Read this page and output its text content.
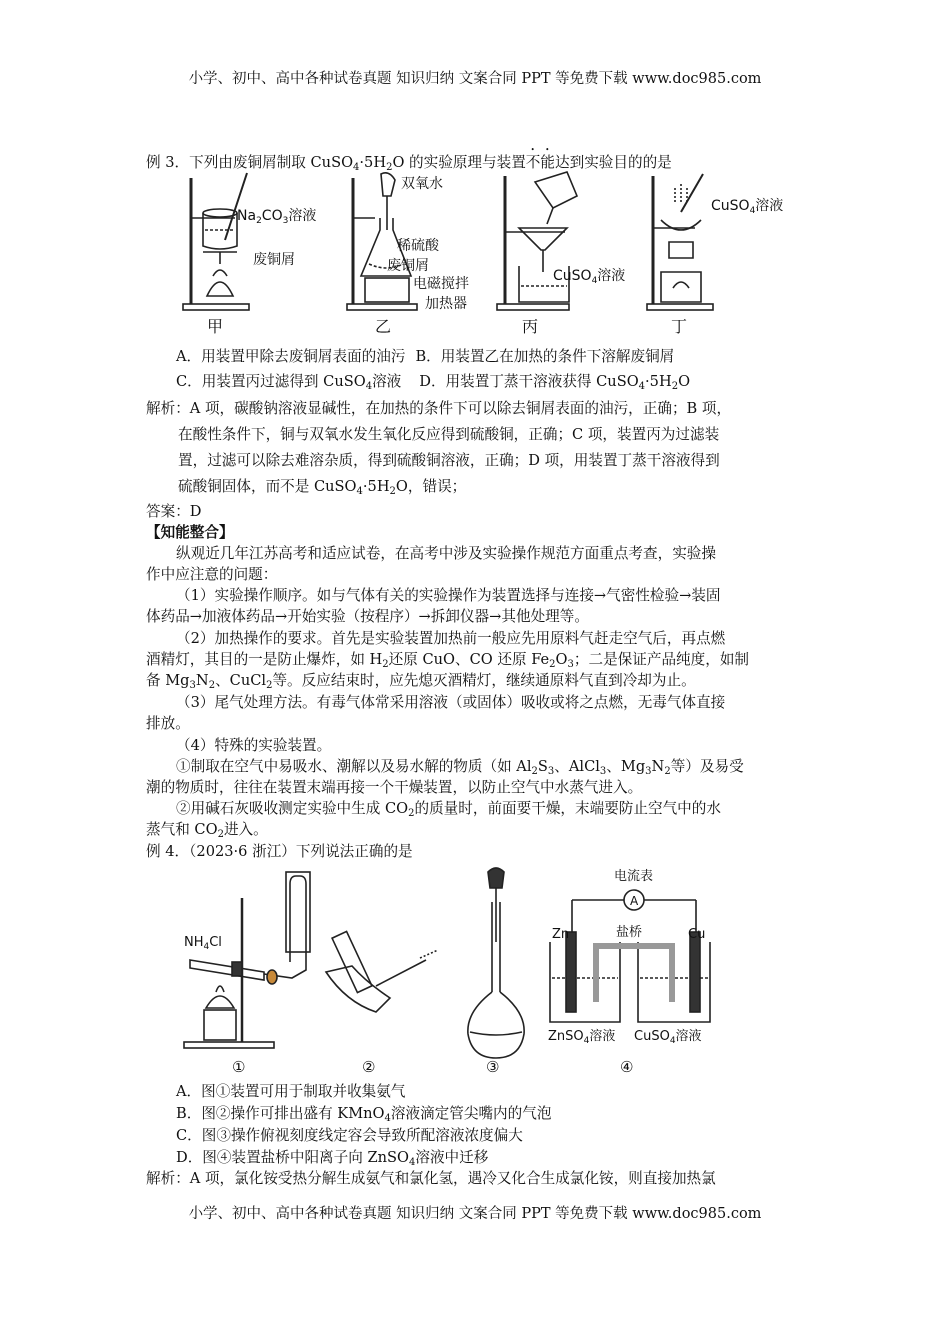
小学、初中、高中各种试卷真题 知识归纳 文案合同 PPT 等免费下载 www.doc985.com
例 3．下列由废铜屑制取 $CuSO_4\cdot 5H_2O$ 的实验原理与装置不能达到实验目的的是
$Na_2CO_3$溶液
废铜屑
双氧水
稀硫酸
废铜屑
电磁搅拌
加热器
CuSO$_4$溶液
CuSO$_4$溶液
甲	乙	丙	丁
A．用装置甲除去废铜屑表面的油污 B．用装置乙在加热的条件下溶解废铜屑
C．用装置丙过滤得到 CuSO$_4$溶液 D．用装置丁蒸干溶液获得 $CuSO_4\cdot 5H_2O$
解析：A 项，碳酸钠溶液显碱性，在加热的条件下可以除去铜屑表面的油污，正确；B 项，
在酸性条件下，铜与双氧水发生氧化反应得到硫酸铜，正确；C 项，装置丙为过滤装
置，过滤可以除去难溶杂质，得到硫酸铜溶液，正确；D 项，用装置丁蒸干溶液得到
硫酸铜固体，而不是 $CuSO_4\cdot 5H_2O$，错误；
答案：D
【知能整合】
纵观近几年江苏高考和适应试卷，在高考中涉及实验操作规范方面重点考查，实验操
作中应注意的问题：
（1）实验操作顺序。如与气体有关的实验操作为装置选择与连接→气密性检验→装固
体药品→加液体药品→开始实验（按程序）→拆卸仪器→其他处理等。
（2）加热操作的要求。首先是实验装置加热前一般应先用原料气赶走空气后，再点燃
酒精灯，其目的一是防止爆炸，如 $H_2$还原 CuO、CO 还原 $Fe_2O_3$；二是保证产品纯度，如制
备 $Mg_3N_2$、CuCl$_2$等。反应结束时，应先熄灭酒精灯，继续通原料气直到冷却为止。
（3）尾气处理方法。有毒气体常采用溶液（或固体）吸收或将之点燃，无毒气体直接
排放。
（4）特殊的实验装置。
①制取在空气中易吸水、潮解以及易水解的物质（如 $Al_2S_3$、AlCl$_3$、$Mg_3N_2$等）及易受
潮的物质时，往往在装置末端再接一个干燥装置，以防止空气中水蒸气进入。
②用碱石灰吸收测定实验中生成 $CO_2$的质量时，前面要干燥，末端要防止空气中的水
蒸气和 $CO_2$进入。
例 4．（2023·6 浙江）下列说法正确的是
$NH_4Cl$
电流表
A
Zn	Cu
盐桥
ZnSO$_4$溶液 CuSO$_4$溶液
①	②	③	④
A．图①装置可用于制取并收集氨气
B．图②操作可排出盛有 KMnO$_4$溶液滴定管尖嘴内的气泡
C．图③操作俯视刻度线定容会导致所配溶液浓度偏大
D．图④装置盐桥中阳离子向 ZnSO$_4$溶液中迁移
解析：A 项，氯化铵受热分解生成氨气和氯化氢，遇冷又化合生成氯化铵，则直接加热氯
小学、初中、高中各种试卷真题 知识归纳 文案合同 PPT 等免费下载 www.doc985.com
